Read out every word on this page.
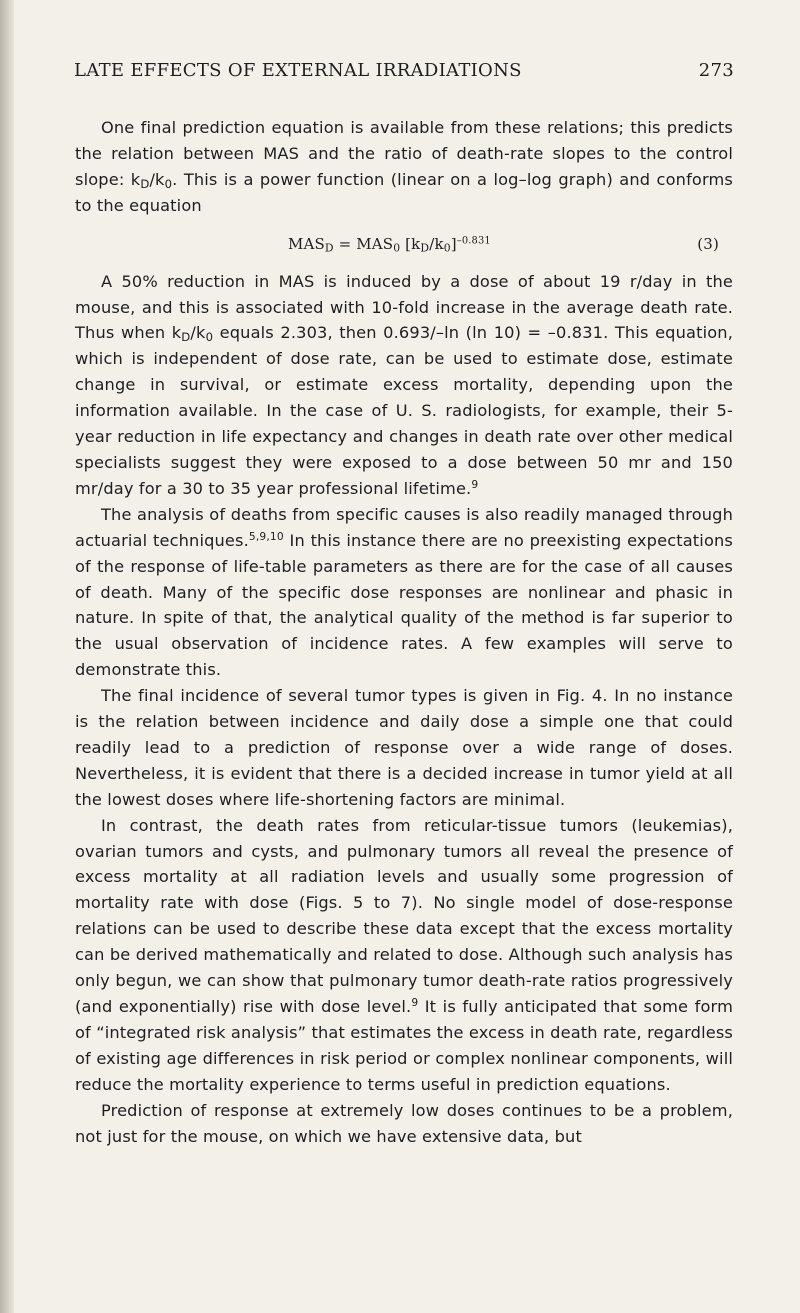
LATE EFFECTS OF EXTERNAL IRRADIATIONS	273

One final prediction equation is available from these relations; this predicts the relation between MAS and the ratio of death-rate slopes to the control slope: $k_D/k_0$. This is a power function (linear on a log–log graph) and conforms to the equation

$MAS_D = MAS_0$ $[k_D/k_0]^{-0.831}$	(3)

A 50% reduction in MAS is induced by a dose of about 19 r/day in the mouse, and this is associated with 10-fold increase in the average death rate. Thus when $k_D/k_0$ equals 2.303, then 0.693/–ln (ln 10) = –0.831. This equation, which is independent of dose rate, can be used to estimate dose, estimate change in survival, or estimate excess mortality, depending upon the information available. In the case of U. S. radiologists, for example, their 5-year reduction in life expectancy and changes in death rate over other medical specialists suggest they were exposed to a dose between 50 mr and 150 mr/day for a 30 to 35 year professional lifetime.$^9$

The analysis of deaths from specific causes is also readily managed through actuarial techniques.$^{5,9,10}$ In this instance there are no preexisting expectations of the response of life-table parameters as there are for the case of all causes of death. Many of the specific dose responses are nonlinear and phasic in nature. In spite of that, the analytical quality of the method is far superior to the usual observation of incidence rates. A few examples will serve to demonstrate this.

The final incidence of several tumor types is given in Fig. 4. In no instance is the relation between incidence and daily dose a simple one that could readily lead to a prediction of response over a wide range of doses. Nevertheless, it is evident that there is a decided increase in tumor yield at all the lowest doses where life-shortening factors are minimal.

In contrast, the death rates from reticular-tissue tumors (leukemias), ovarian tumors and cysts, and pulmonary tumors all reveal the presence of excess mortality at all radiation levels and usually some progression of mortality rate with dose (Figs. 5 to 7). No single model of dose-response relations can be used to describe these data except that the excess mortality can be derived mathematically and related to dose. Although such analysis has only begun, we can show that pulmonary tumor death-rate ratios progressively (and exponentially) rise with dose level.$^9$ It is fully anticipated that some form of “integrated risk analysis” that estimates the excess in death rate, regardless of existing age differences in risk period or complex nonlinear components, will reduce the mortality experience to terms useful in prediction equations.

Prediction of response at extremely low doses continues to be a problem, not just for the mouse, on which we have extensive data, but
